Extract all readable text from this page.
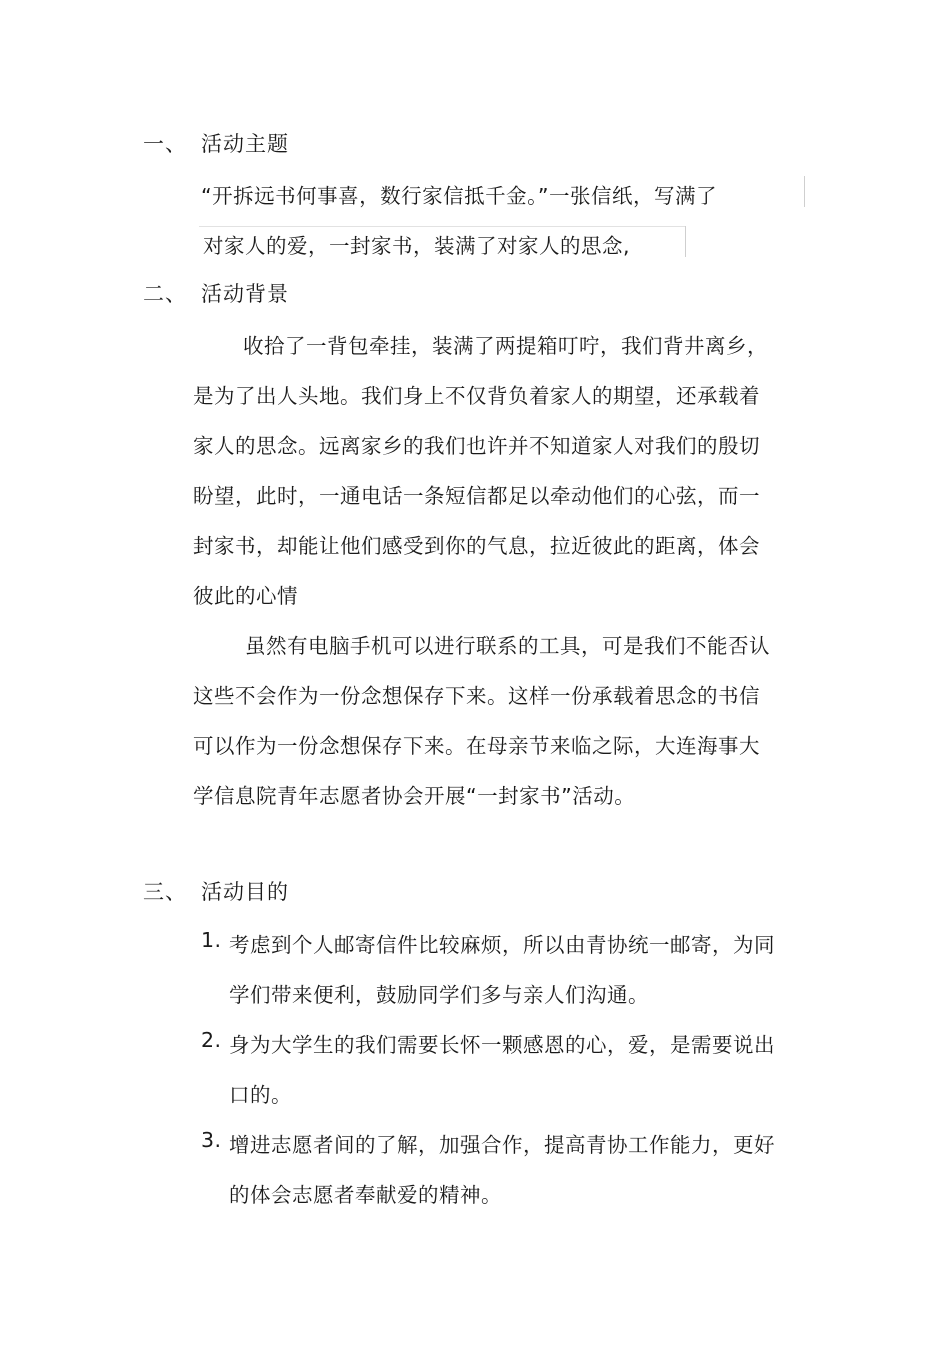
一、 活动主题
“开拆远书何事喜，数行家信抵千金。”一张信纸，写满了
对家人的爱，一封家书，装满了对家人的思念,
二、 活动背景
收拾了一背包牵挂，装满了两提箱叮咛，我们背井离乡，
是为了出人头地。我们身上不仅背负着家人的期望，还承载着
家人的思念。远离家乡的我们也许并不知道家人对我们的殷切
盼望，此时，一通电话一条短信都足以牵动他们的心弦，而一
封家书，却能让他们感受到你的气息，拉近彼此的距离，体会
彼此的心情
虽然有电脑手机可以进行联系的工具，可是我们不能否认
这些不会作为一份念想保存下来。这样一份承载着思念的书信
可以作为一份念想保存下来。在母亲节来临之际，大连海事大
学信息院青年志愿者协会开展“一封家书”活动。
三、 活动目的
1. 考虑到个人邮寄信件比较麻烦，所以由青协统一邮寄，为同
学们带来便利，鼓励同学们多与亲人们沟通。
2. 身为大学生的我们需要长怀一颗感恩的心，爱，是需要说出
口的。
3. 增进志愿者间的了解，加强合作，提高青协工作能力，更好
的体会志愿者奉献爱的精神。
